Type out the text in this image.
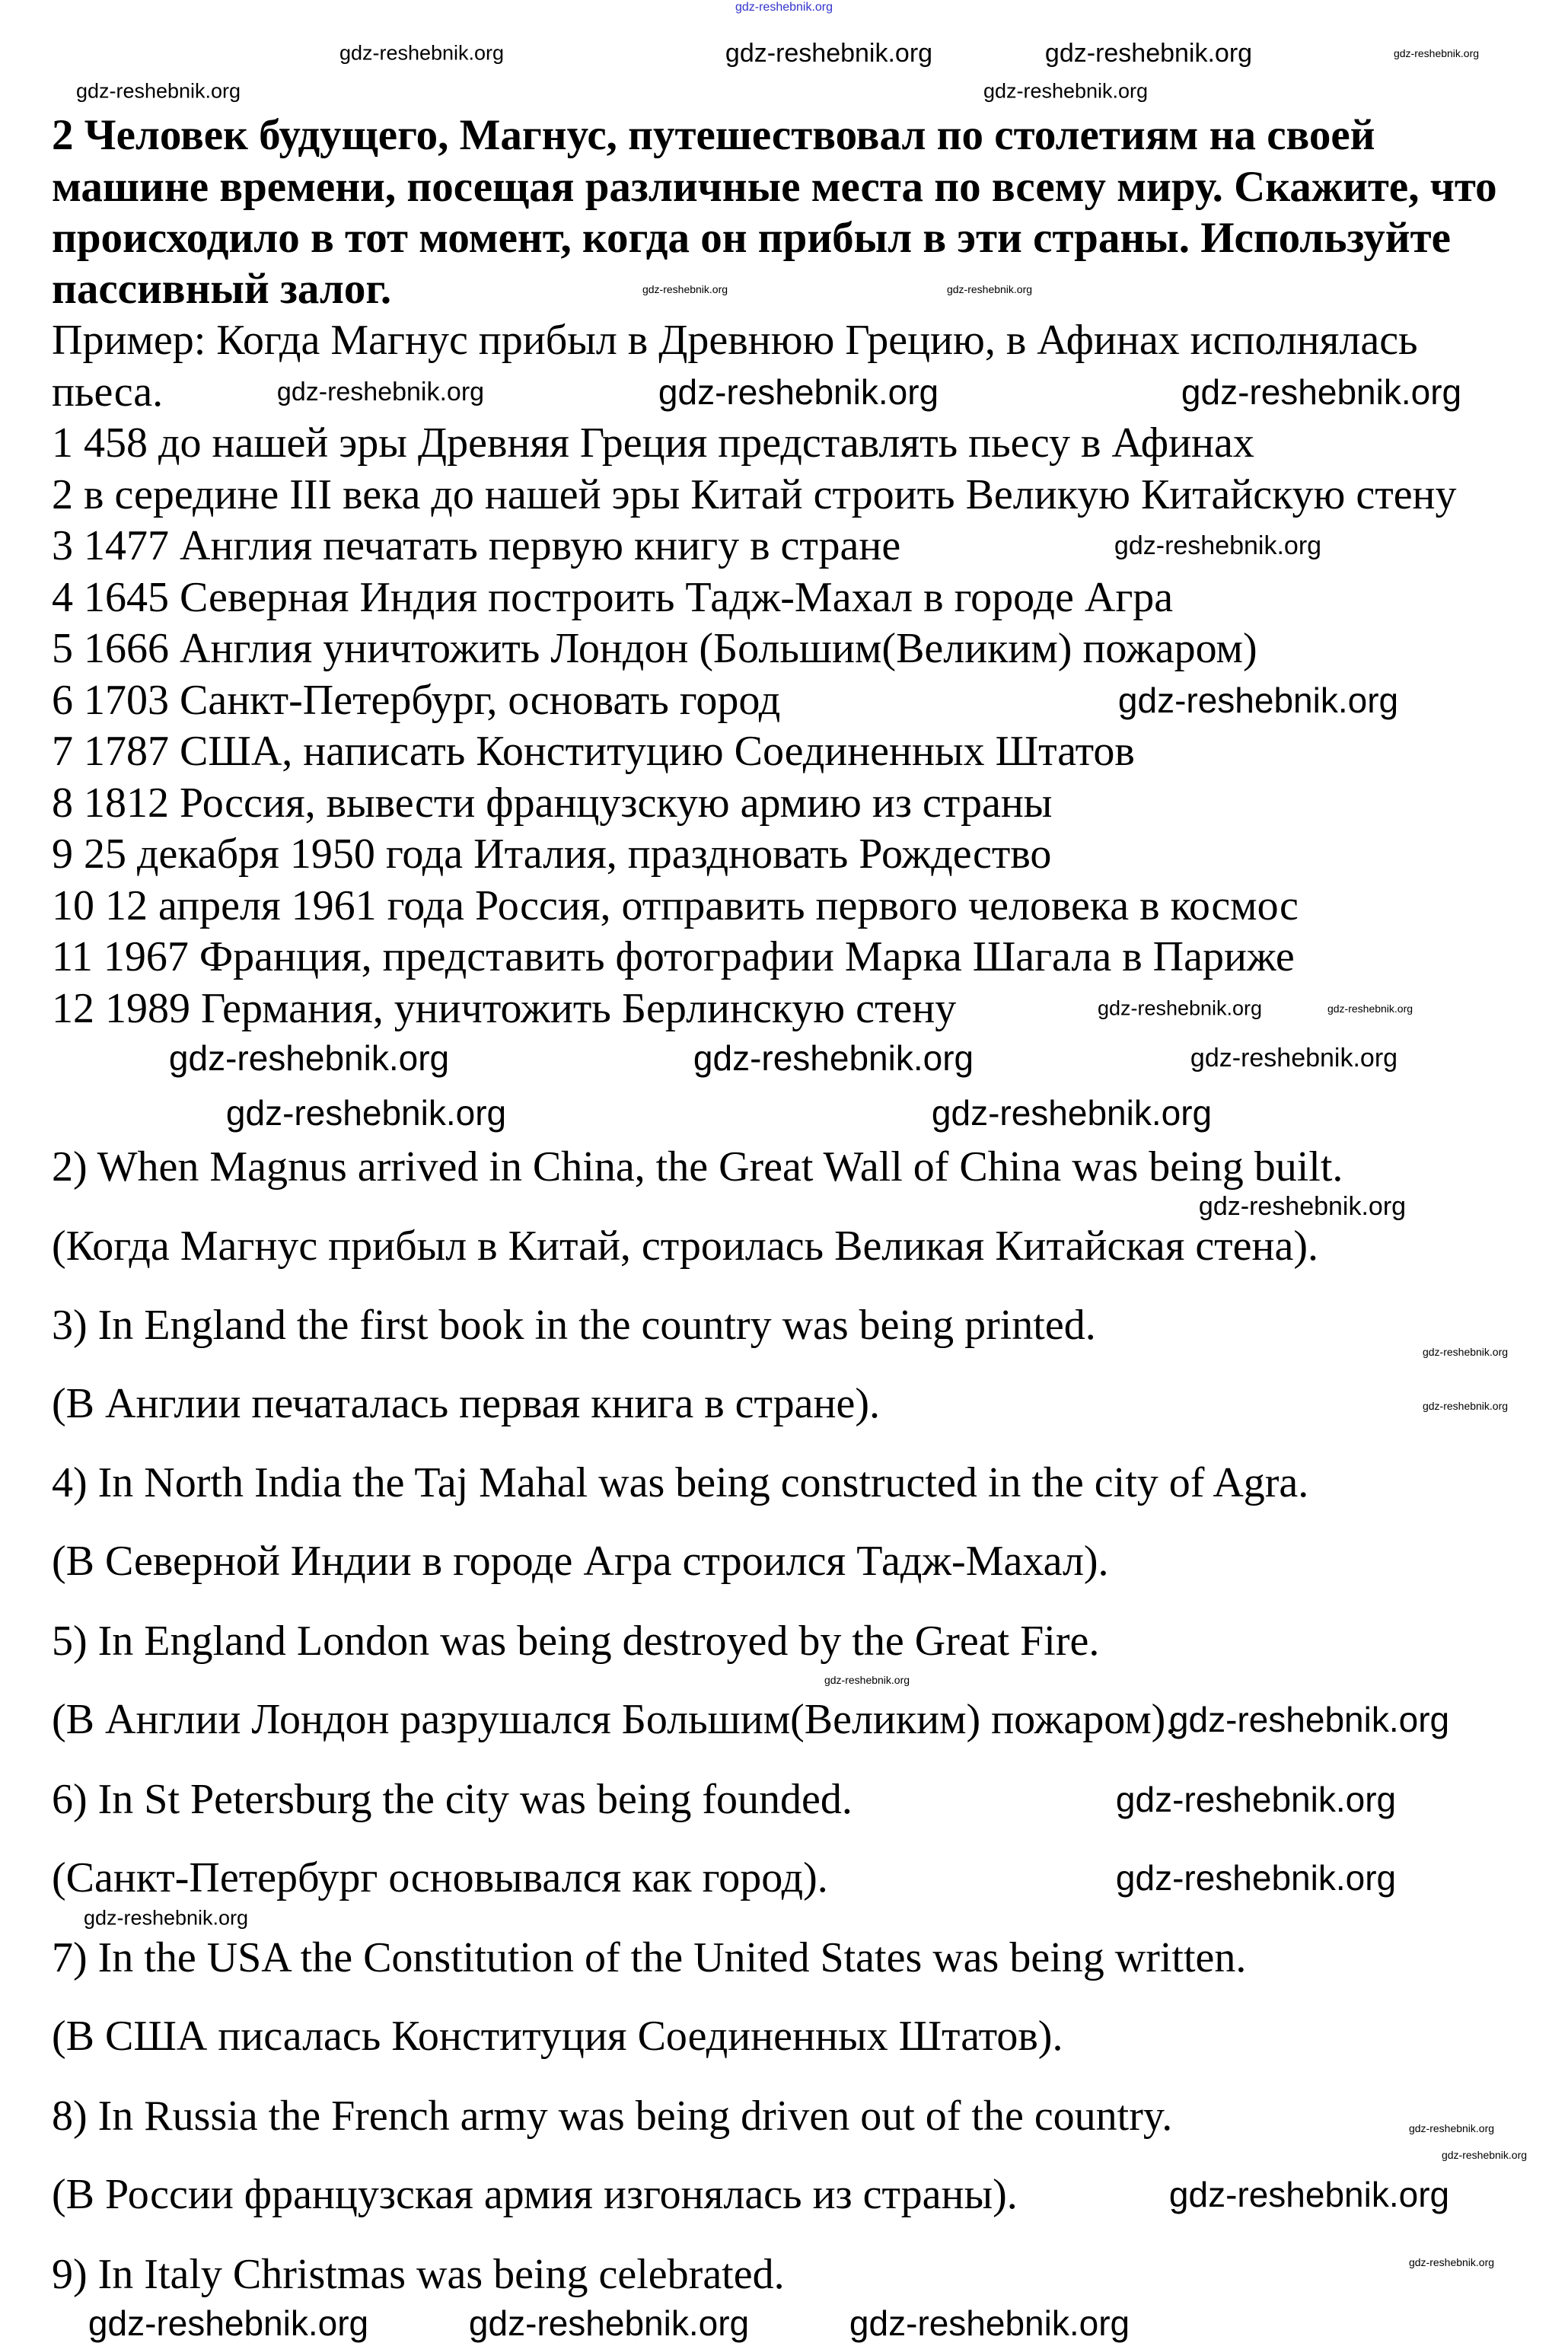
2 Человек будущего, Магнус, путешествовал по столетиям на своей
машине времени, посещая различные места по всему миру. Скажите, что
происходило в тот момент, когда он прибыл в эти страны. Используйте
пассивный залог.
Пример: Когда Магнус прибыл в Древнюю Грецию, в Афинах исполнялась
пьеса.
1 458 до нашей эры Древняя Греция представлять пьесу в Афинах
2 в середине III века до нашей эры Китай строить Великую Китайскую стену
3 1477 Англия печатать первую книгу в стране
4 1645 Северная Индия построить Тадж-Махал в городе Агра
5 1666 Англия уничтожить Лондон (Большим(Великим) пожаром)
6 1703 Санкт-Петербург, основать город
7 1787 США, написать Конституцию Соединенных Штатов
8 1812 Россия, вывести французскую армию из страны
9 25 декабря 1950 года Италия, праздновать Рождество
10 12 апреля 1961 года Россия, отправить первого человека в космос
11 1967 Франция, представить фотографии Марка Шагала в Париже
12 1989 Германия, уничтожить Берлинскую стену
2) When Magnus arrived in China, the Great Wall of China was being built.
(Когда Магнус прибыл в Китай, строилась Великая Китайская стена).
3) In England the first book in the country was being printed.
(В Англии печаталась первая книга в стране).
4) In North India the Taj Mahal was being constructed in the city of Agra.
(В Северной Индии в городе Агра строился Тадж-Махал).
5) In England London was being destroyed by the Great Fire.
(В Англии Лондон разрушался Большим(Великим) пожаром).
6) In St Petersburg the city was being founded.
(Санкт-Петербург основывался как город).
7) In the USA the Constitution of the United States was being written.
(В США писалась Конституция Соединенных Штатов).
8) In Russia the French army was being driven out of the country.
(В России французская армия изгонялась из страны).
9) In Italy Christmas was being celebrated.
gdz-reshebnik.org
gdz-reshebnik.org	gdz-reshebnik.org	gdz-reshebnik.org	gdz-reshebnik.org
gdz-reshebnik.org
gdz-reshebnik.org	gdz-reshebnik.org	gdz-reshebnik.org
gdz-reshebnik.org
gdz-reshebnik.org
gdz-reshebnik.org
gdz-reshebnik.org
gdz-reshebnik.org
gdz-reshebnik.org
gdz-reshebnik.org
gdz-reshebnik.org
gdz-reshebnik.org	gdz-reshebnik.org
gdz-reshebnik.org
gdz-reshebnik.org
gdz-reshebnik.org
gdz-reshebnik.org	gdz-reshebnik.org
gdz-reshebnik.org
gdz-reshebnik.org
gdz-reshebnik.org
gdz-reshebnik.org
gdz-reshebnik.org
gdz-reshebnik.org
gdz-reshebnik.org
gdz-reshebnik.org
gdz-reshebnik.org
gdz-reshebnik.org
gdz-reshebnik.org
gdz-reshebnik.org
